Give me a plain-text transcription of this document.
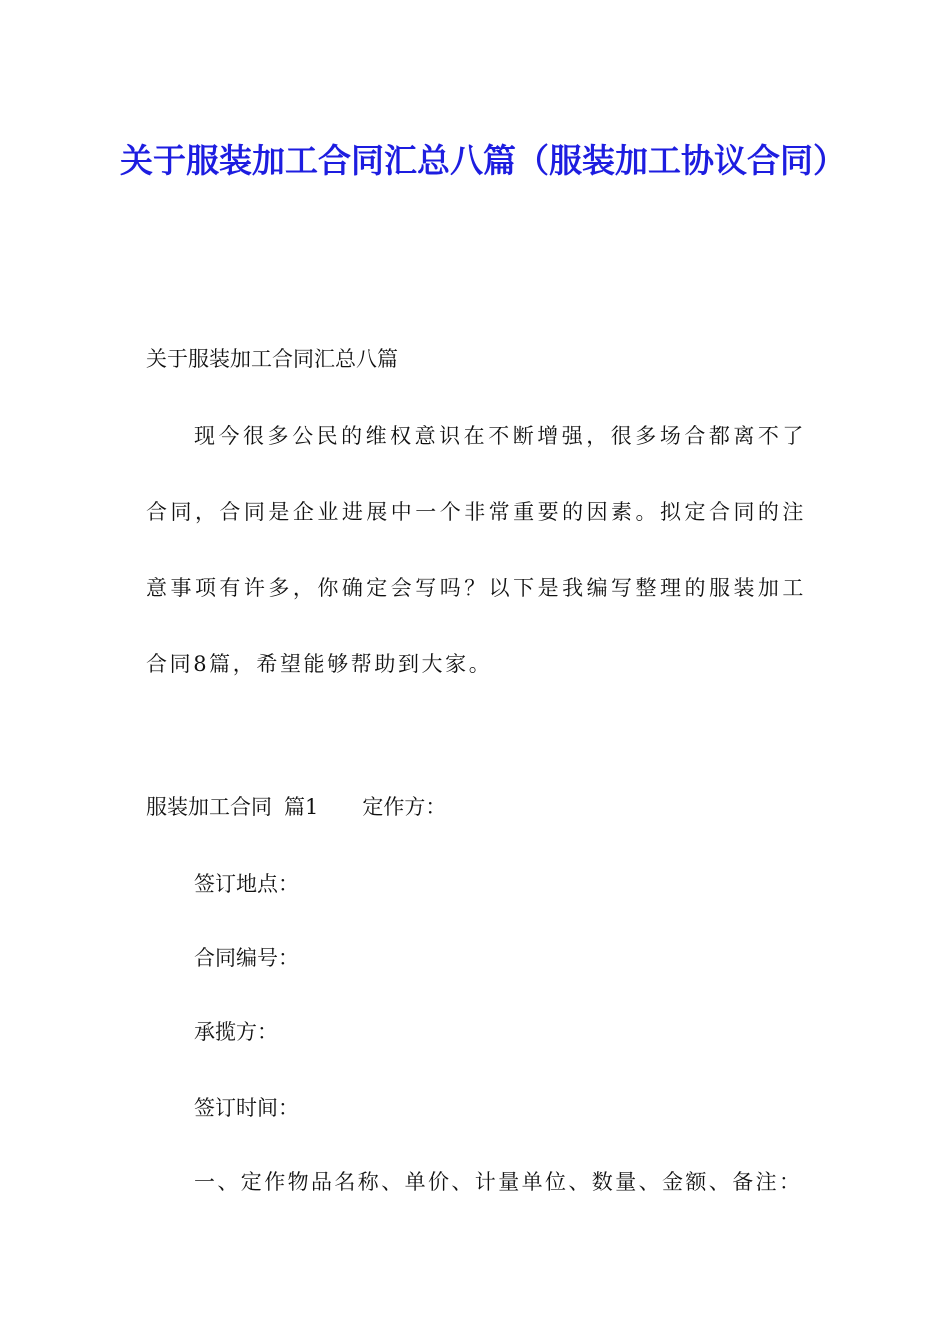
关于服装加工合同汇总八篇（服装加工协议合同）

关于服装加工合同汇总八篇

现今很多公民的维权意识在不断增强，很多场合都离不了合同，合同是企业进展中一个非常重要的因素。拟定合同的注意事项有许多，你确定会写吗？以下是我编写整理的服装加工合同8篇，希望能够帮助到大家。

服装加工合同 篇1 定作方：

签订地点：

合同编号：

承揽方：

签订时间：

一、定作物品名称、单价、计量单位、数量、金额、备注：
